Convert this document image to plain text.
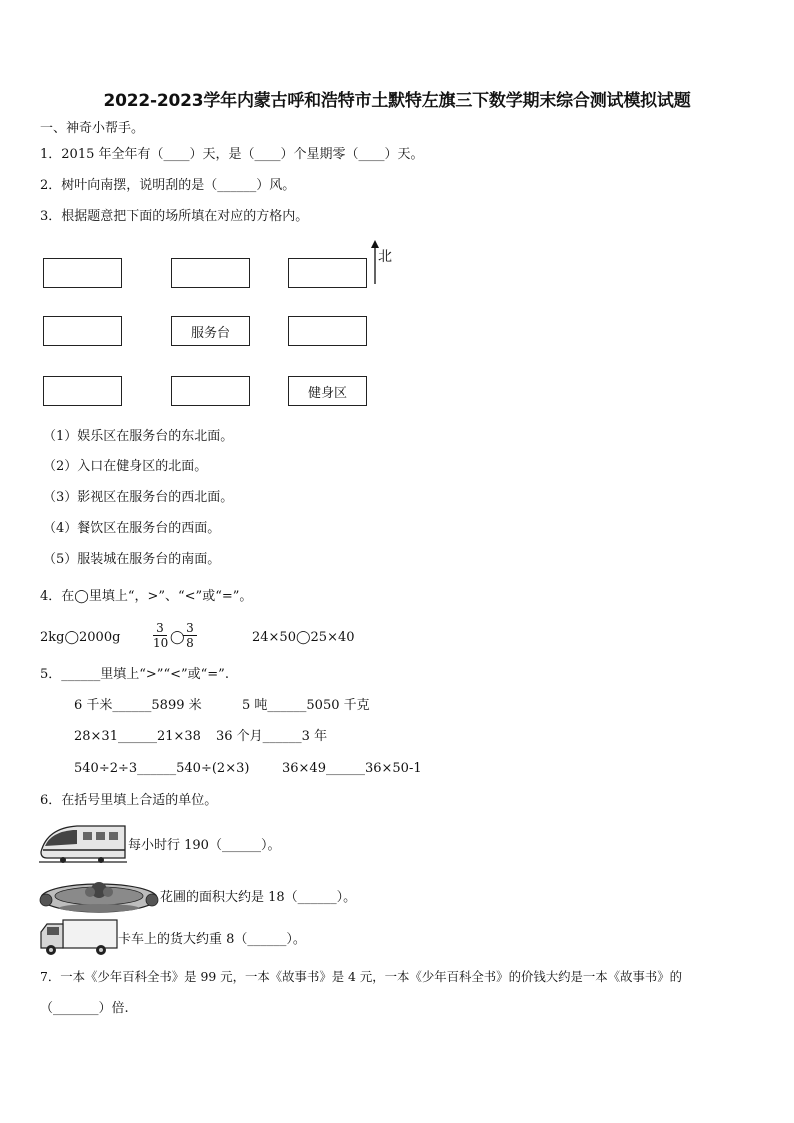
2022-2023学年内蒙古呼和浩特市土默特左旗三下数学期末综合测试模拟试题
一、神奇小帮手。
1．2015 年全年有（____）天，是（____）个星期零（____）天。
2．树叶向南摆，说明刮的是（______）风。
3．根据题意把下面的场所填在对应的方格内。
服务台
健身区
北
（1）娱乐区在服务台的东北面。
（2）入口在健身区的北面。
（3）影视区在服务台的西北面。
（4）餐饮区在服务台的西面。
（5）服装城在服务台的南面。
4．在◯里填上“，>”、“<”或“=”。
2kg◯2000g	$\frac{3}{10}$ ◯
$\frac{3}{8}$	24×50◯25×40
5．______里填上“>”“<”或“=”.
6 千米______5899 米	5 吨______5050 千克
28×31______21×38 36 个月______3 年
540÷2÷3______540÷(2×3)	36×49______36×50-1
6．在括号里填上合适的单位。
每小时行 190（______）。
花圃的面积大约是 18（______）。
卡车上的货大约重 8（______）。
7．一本《少年百科全书》是 99 元，一本《故事书》是 4 元，一本《少年百科全书》的价钱大约是一本《故事书》的
（_______）倍.
